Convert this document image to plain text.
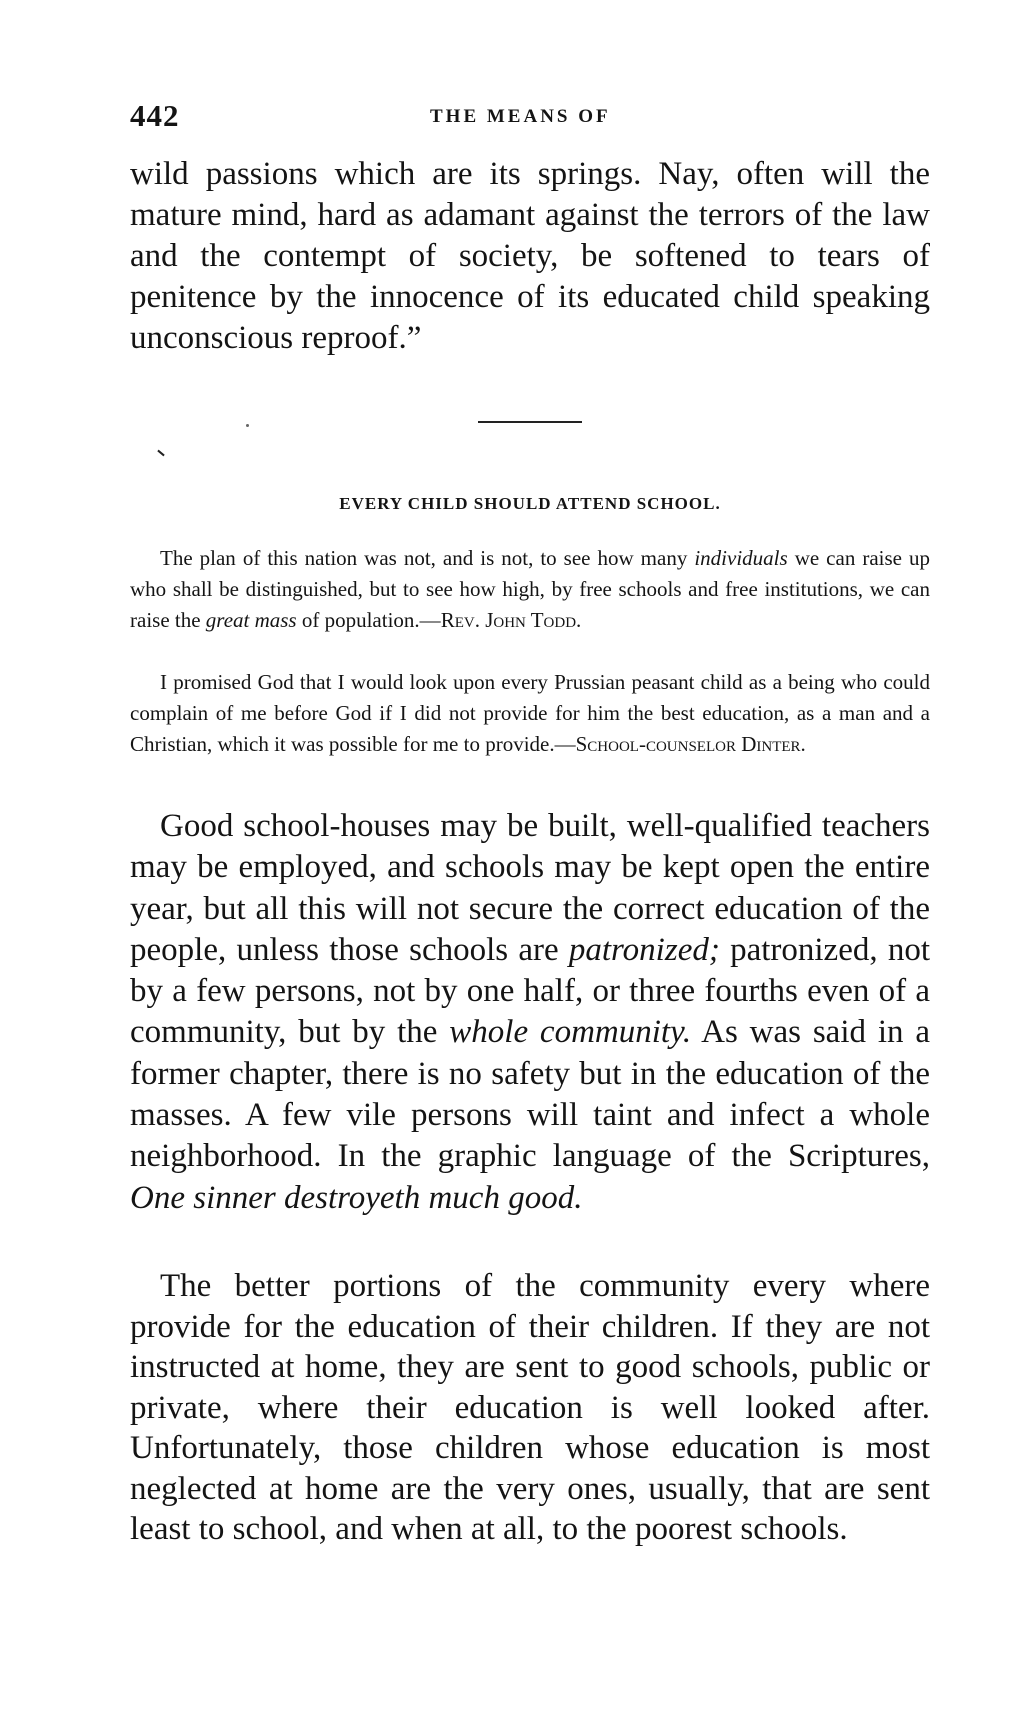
442	THE MEANS OF

wild passions which are its springs. Nay, often will the mature mind, hard as adamant against the terrors of the law and the contempt of society, be softened to tears of penitence by the innocence of its educated child speaking unconscious reproof.”

EVERY CHILD SHOULD ATTEND SCHOOL.

The plan of this nation was not, and is not, to see how many individuals we can raise up who shall be distinguished, but to see how high, by free schools and free institutions, we can raise the great mass of population.—Rev. John Todd.

I promised God that I would look upon every Prussian peasant child as a being who could complain of me before God if I did not provide for him the best education, as a man and a Christian, which it was possible for me to provide.—School-counselor Dinter.

Good school-houses may be built, well-qualified teachers may be employed, and schools may be kept open the entire year, but all this will not secure the correct education of the people, unless those schools are patronized; patronized, not by a few persons, not by one half, or three fourths even of a community, but by the whole community. As was said in a former chapter, there is no safety but in the education of the masses. A few vile persons will taint and infect a whole neighborhood. In the graphic language of the Scriptures, One sinner destroyeth much good.

The better portions of the community every where provide for the education of their children. If they are not instructed at home, they are sent to good schools, public or private, where their education is well looked after. Unfortunately, those children whose education is most neglected at home are the very ones, usually, that are sent least to school, and when at all, to the poorest schools.
